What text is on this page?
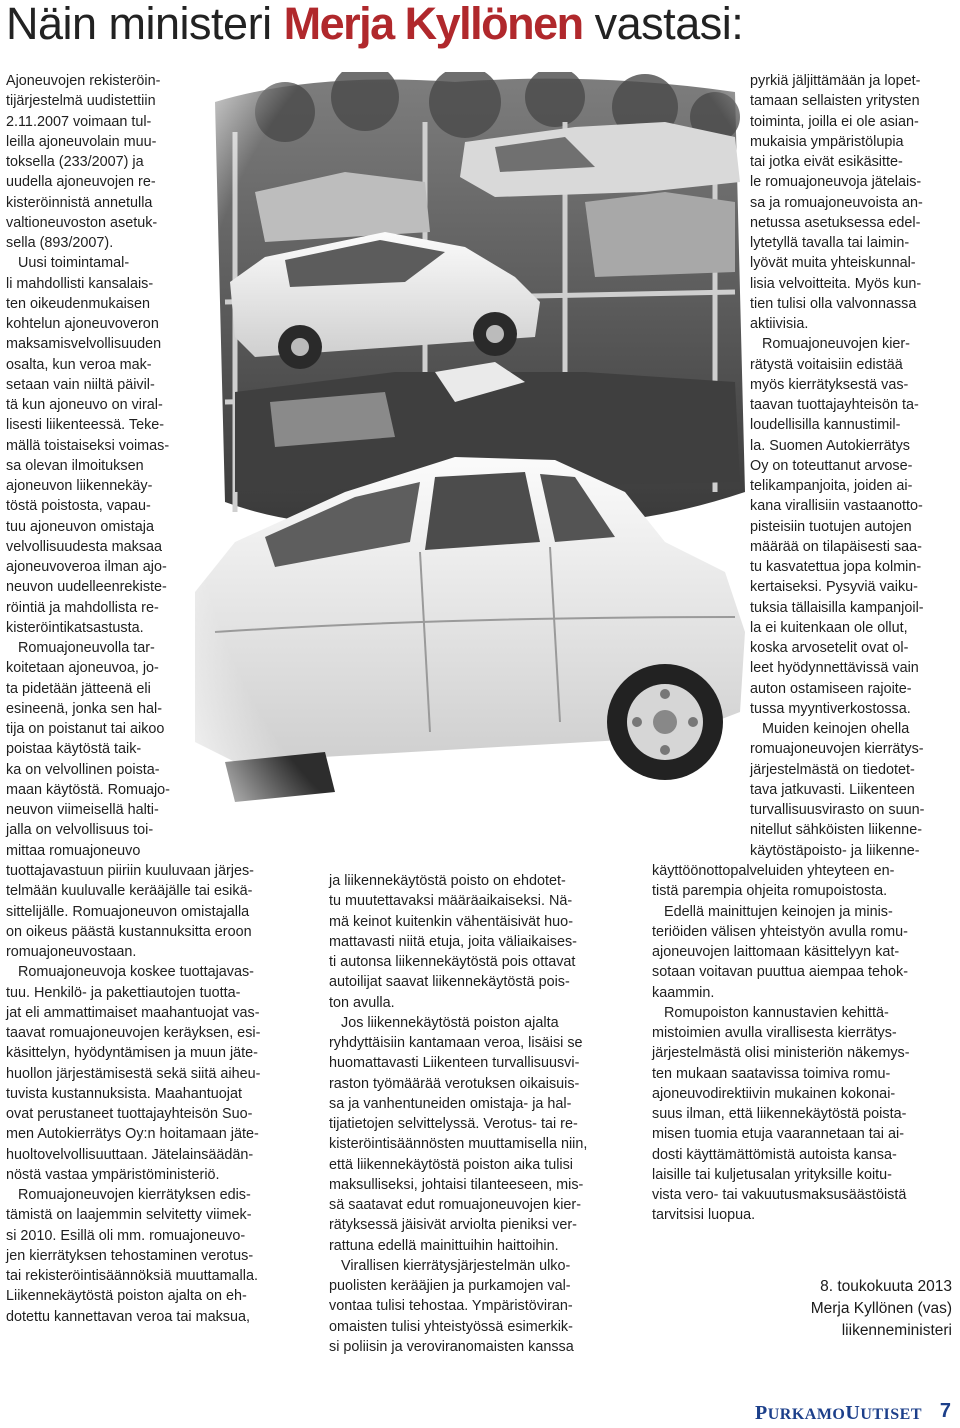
Näin ministeri Merja Kyllönen vastasi:
Ajoneuvojen rekisteröin-
tijärjestelmä uudistettiin
2.11.2007 voimaan tul-
leilla ajoneuvolain muu-
toksella (233/2007) ja
uudella ajoneuvojen re-
kisteröinnistä annetulla
valtioneuvoston asetuk-
sella (893/2007).
Uusi toimintamal-
li mahdollisti kansalais-
ten oikeudenmukaisen
kohtelun ajoneuvoveron
maksamisvelvollisuuden
osalta, kun veroa mak-
setaan vain niiltä päivil-
tä kun ajoneuvo on viral-
lisesti liikenteessä. Teke-
mällä toistaiseksi voimas-
sa olevan ilmoituksen
ajoneuvon liikennekäy-
töstä poistosta, vapau-
tuu ajoneuvon omistaja
velvollisuudesta maksaa
ajoneuvoveroa ilman ajo-
neuvon uudelleenrekiste-
röintiä ja mahdollista re-
kisteröintikatsastusta.
Romuajoneuvolla tar-
koitetaan ajoneuvoa, jo-
ta pidetään jätteenä eli
esineenä, jonka sen hal-
tija on poistanut tai aikoo
poistaa käytöstä taik-
ka on velvollinen poista-
maan käytöstä. Romuajo-
neuvon viimeisellä halti-
jalla on velvollisuus toi-
mittaa romuajoneuvo
tuottajavastuun piiriin kuuluvaan järjes-
telmään kuuluvalle kerääjälle tai esikä-
sittelijälle. Romuajoneuvon omistajalla
on oikeus päästä kustannuksitta eroon
romuajoneuvostaan.
Romuajoneuvoja koskee tuottajavas-
tuu. Henkilö- ja pakettiautojen tuotta-
jat eli ammattimaiset maahantuojat vas-
taavat romuajoneuvojen keräyksen, esi-
käsittelyn, hyödyntämisen ja muun jäte-
huollon järjestämisestä sekä siitä aiheu-
tuvista kustannuksista. Maahantuojat
ovat perustaneet tuottajayhteisön Suo-
men Autokierrätys Oy:n hoitamaan jäte-
huoltovelvollisuuttaan. Jätelainsäädän-
nöstä vastaa ympäristöministeriö.
Romuajoneuvojen kierrätyksen edis-
tämistä on laajemmin selvitetty viimek-
si 2010. Esillä oli mm. romuajoneuvo-
jen kierrätyksen tehostaminen verotus-
tai rekisteröintisäännöksiä muuttamalla.
Liikennekäytöstä poiston ajalta on eh-
dotettu kannettavan veroa tai maksua,
ja liikennekäytöstä poisto on ehdotet-
tu muutettavaksi määräaikaiseksi. Nä-
mä keinot kuitenkin vähentäisivät huo-
mattavasti niitä etuja, joita väliaikaises-
ti autonsa liikennekäytöstä pois ottavat
autoilijat saavat liikennekäytöstä pois-
ton avulla.
Jos liikennekäytöstä poiston ajalta
ryhdyttäisiin kantamaan veroa, lisäisi se
huomattavasti Liikenteen turvallisuusvi-
raston työmäärää verotuksen oikaisuis-
sa ja vanhentuneiden omistaja- ja hal-
tijatietojen selvittelyssä. Verotus- tai re-
kisteröintisäännösten muuttamisella niin,
että liikennekäytöstä poiston aika tulisi
maksulliseksi, johtaisi tilanteeseen, mis-
sä saatavat edut romuajoneuvojen kier-
rätyksessä jäisivät arviolta pieniksi ver-
rattuna edellä mainittuihin haittoihin.
Virallisen kierrätysjärjestelmän ulko-
puolisten kerääjien ja purkamojen val-
vontaa tulisi tehostaa. Ympäristöviran-
omaisten tulisi yhteistyössä esimerkik-
si poliisin ja veroviranomaisten kanssa
pyrkiä jäljittämään ja lopet-
tamaan sellaisten yritysten
toiminta, joilla ei ole asian-
mukaisia ympäristölupia
tai jotka eivät esikäsitte-
le romuajoneuvoja jätelais-
sa ja romuajoneuvoista an-
netussa asetuksessa edel-
lytetyllä tavalla tai laimin-
lyövät muita yhteiskunnal-
lisia velvoitteita. Myös kun-
tien tulisi olla valvonnassa
aktiivisia.
Romuajoneuvojen kier-
rätystä voitaisiin edistää
myös kierrätyksestä vas-
taavan tuottajayhteisön ta-
loudellisilla kannustimil-
la. Suomen Autokierrätys
Oy on toteuttanut arvose-
telikampanjoita, joiden ai-
kana virallisiin vastaanotto-
pisteisiin tuotujen autojen
määrää on tilapäisesti saa-
tu kasvatettua jopa kolmin-
kertaiseksi. Pysyviä vaiku-
tuksia tällaisilla kampanjoil-
la ei kuitenkaan ole ollut,
koska arvosetelit ovat ol-
leet hyödynnettävissä vain
auton ostamiseen rajoite-
tussa myyntiverkostossa.
Muiden keinojen ohella
romuajoneuvojen kierrätys-
järjestelmästä on tiedotet-
tava jatkuvasti. Liikenteen
turvallisuusvirasto on suun-
nitellut sähköisten liikenne-
käytöstäpoisto- ja liikenne-
käyttöönottopalveluiden yhteyteen en-
tistä parempia ohjeita romupoistosta.
Edellä mainittujen keinojen ja minis-
teriöiden välisen yhteistyön avulla romu-
ajoneuvojen laittomaan käsittelyyn kat-
sotaan voitavan puuttua aiempaa tehok-
kaammin.
Romupoiston kannustavien kehittä-
mistoimien avulla virallisesta kierrätys-
järjestelmästä olisi ministeriön näkemys-
ten mukaan saatavissa toimiva romu-
ajoneuvodirektiivin mukainen kokonai-
suus ilman, että liikennekäytöstä poista-
misen tuomia etuja vaarannetaan tai ai-
dosti käyttämättömistä autoista kansa-
laisille tai kuljetusalan yrityksille koitu-
vista vero- tai vakuutusmaksusäästöistä
tarvitsisi luopua.
8. toukokuuta 2013
Merja Kyllönen (vas)
liikenneministeri
PURKAMOUUTISET 7
